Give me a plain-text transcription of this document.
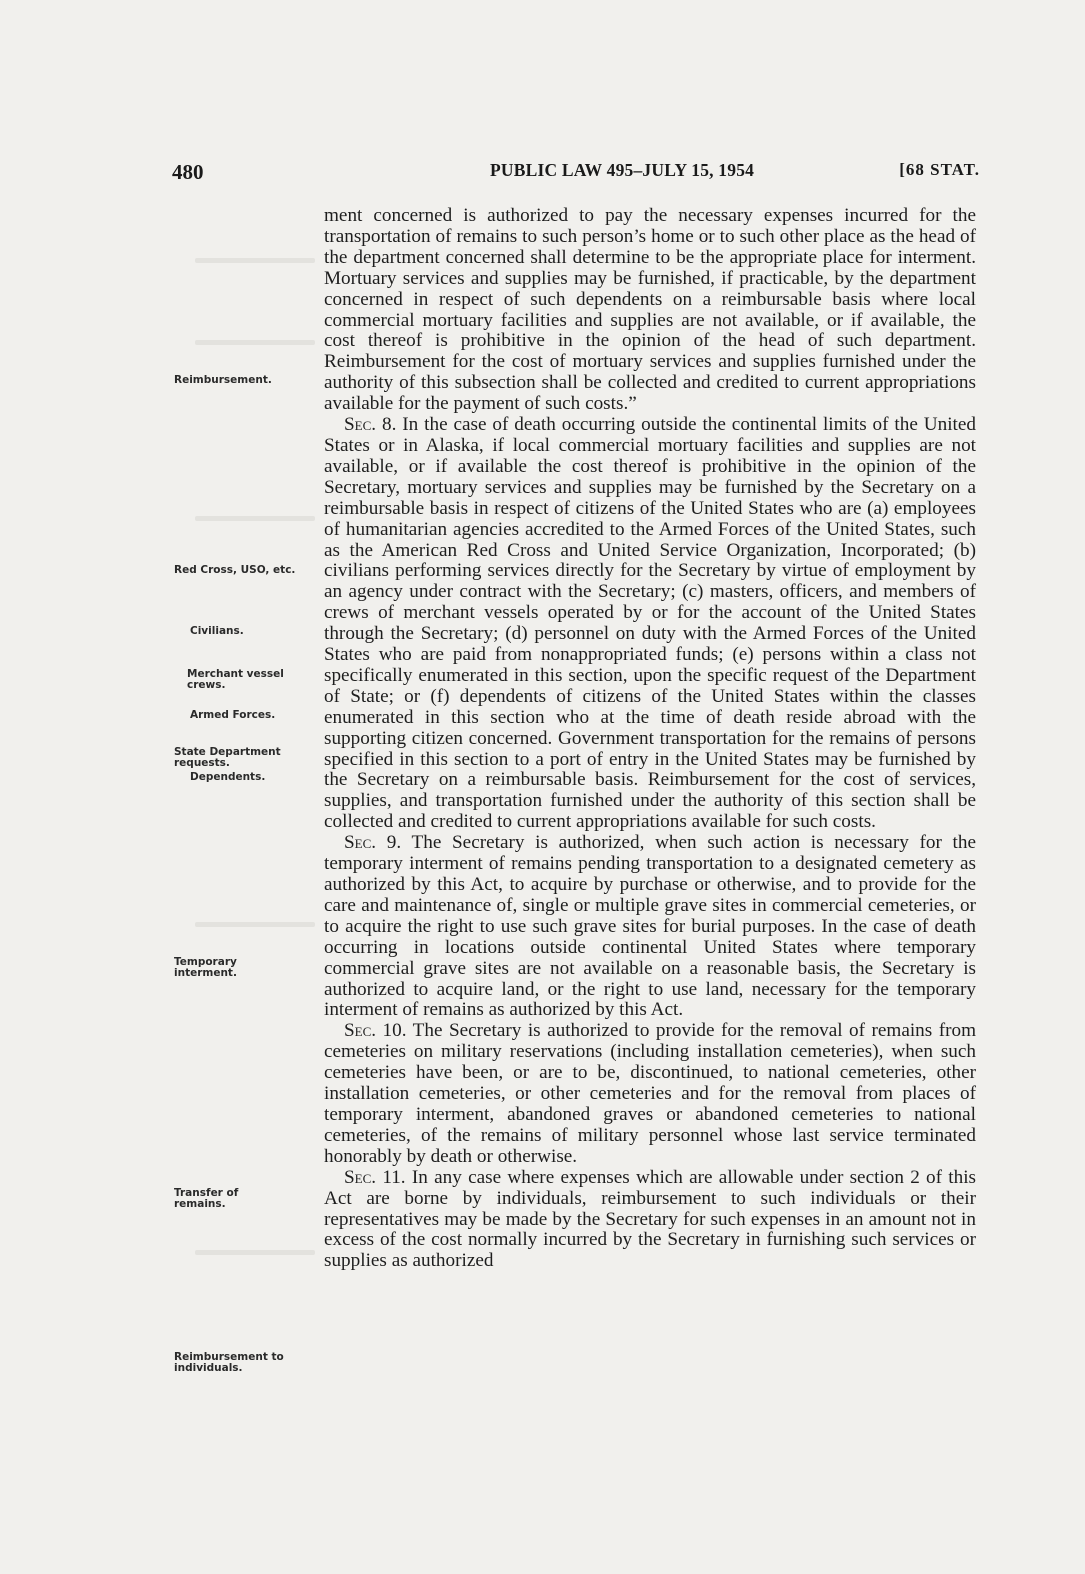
480	PUBLIC LAW 495–JULY 15, 1954	[68 STAT.
Reimbursement.
Red Cross, USO, etc.
Civilians.
Merchant vessel crews.
Armed Forces.
State Department requests.
Dependents.
Temporary interment.
Transfer of remains.
Reimbursement to individuals.

ment concerned is authorized to pay the necessary expenses incurred for the transportation of remains to such person’s home or to such other place as the head of the department concerned shall determine to be the appropriate place for interment. Mortuary services and supplies may be furnished, if practicable, by the department concerned in respect of such dependents on a reimbursable basis where local commercial mortuary facilities and supplies are not available, or if available, the cost thereof is prohibitive in the opinion of the head of such department. Reimbursement for the cost of mortuary services and supplies furnished under the authority of this subsection shall be collected and credited to current appropriations available for the payment of such costs.”

Sec. 8. In the case of death occurring outside the continental limits of the United States or in Alaska, if local commercial mortuary facilities and supplies are not available, or if available the cost thereof is prohibitive in the opinion of the Secretary, mortuary services and supplies may be furnished by the Secretary on a reimbursable basis in respect of citizens of the United States who are (a) employees of humanitarian agencies accredited to the Armed Forces of the United States, such as the American Red Cross and United Service Organization, Incorporated; (b) civilians performing services directly for the Secretary by virtue of employment by an agency under contract with the Secretary; (c) masters, officers, and members of crews of merchant vessels operated by or for the account of the United States through the Secretary; (d) personnel on duty with the Armed Forces of the United States who are paid from nonappropriated funds; (e) persons within a class not specifically enumerated in this section, upon the specific request of the Department of State; or (f) dependents of citizens of the United States within the classes enumerated in this section who at the time of death reside abroad with the supporting citizen concerned. Government transportation for the remains of persons specified in this section to a port of entry in the United States may be furnished by the Secretary on a reimbursable basis. Reimbursement for the cost of services, supplies, and transportation furnished under the authority of this section shall be collected and credited to current appropriations available for such costs.

Sec. 9. The Secretary is authorized, when such action is necessary for the temporary interment of remains pending transportation to a designated cemetery as authorized by this Act, to acquire by purchase or otherwise, and to provide for the care and maintenance of, single or multiple grave sites in commercial cemeteries, or to acquire the right to use such grave sites for burial purposes. In the case of death occurring in locations outside continental United States where temporary commercial grave sites are not available on a reasonable basis, the Secretary is authorized to acquire land, or the right to use land, necessary for the temporary interment of remains as authorized by this Act.

Sec. 10. The Secretary is authorized to provide for the removal of remains from cemeteries on military reservations (including installation cemeteries), when such cemeteries have been, or are to be, discontinued, to national cemeteries, other installation cemeteries, or other cemeteries and for the removal from places of temporary interment, abandoned graves or abandoned cemeteries to national cemeteries, of the remains of military personnel whose last service terminated honorably by death or otherwise.

Sec. 11. In any case where expenses which are allowable under section 2 of this Act are borne by individuals, reimbursement to such individuals or their representatives may be made by the Secretary for such expenses in an amount not in excess of the cost normally incurred by the Secretary in furnishing such services or supplies as authorized
